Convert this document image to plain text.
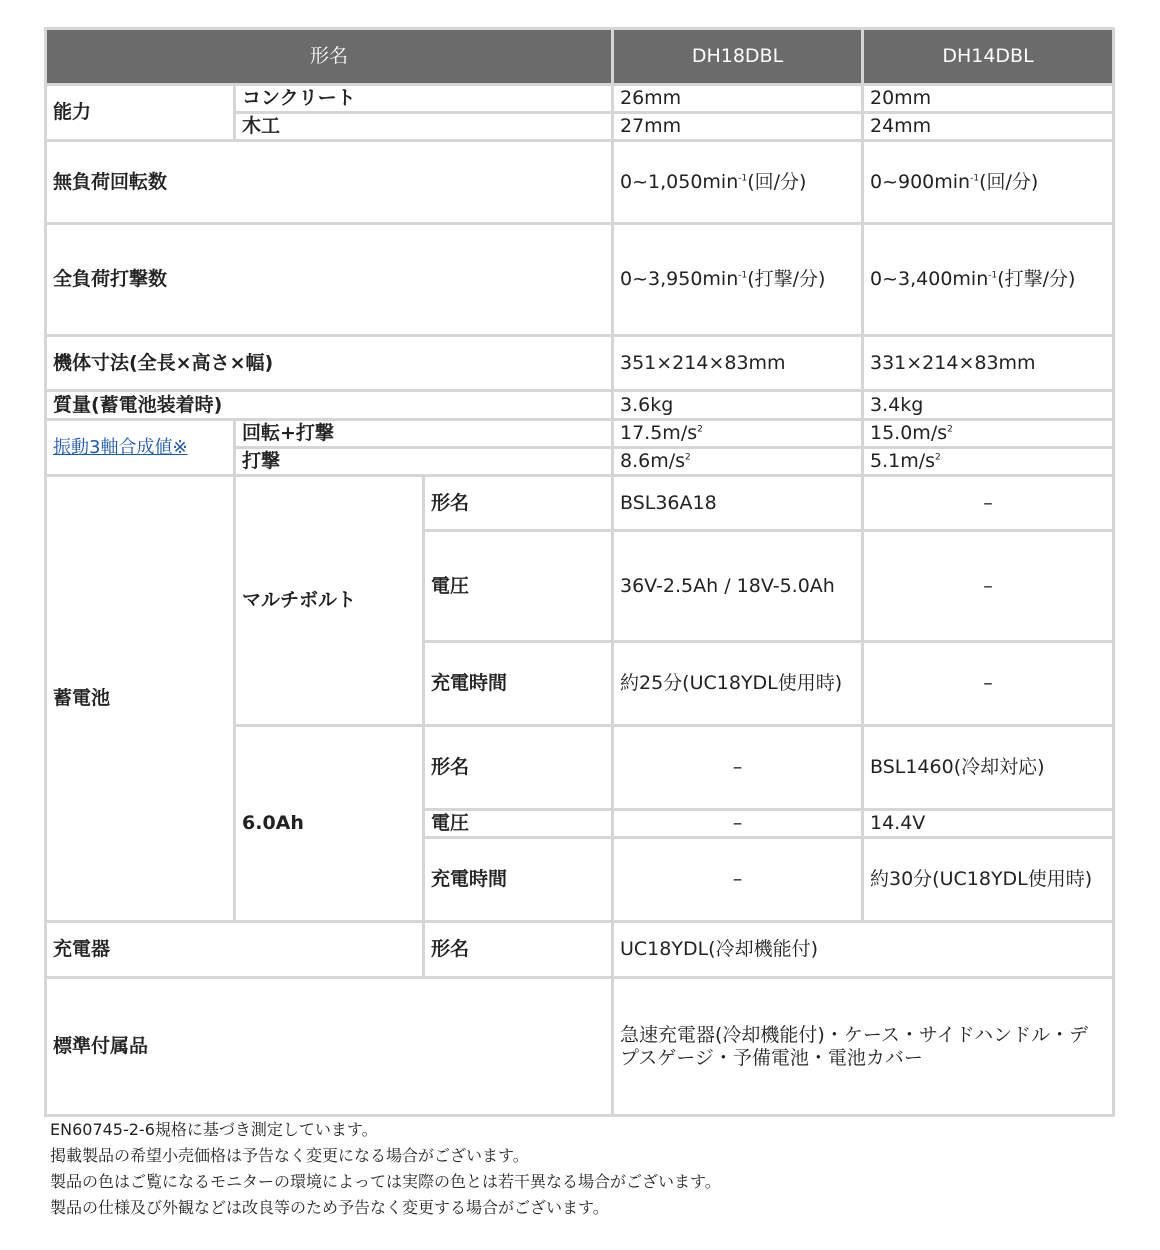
形名			DH18DBL	DH14DBL
能力	コンクリート		26mm	20mm
	木工		27mm	24mm
無負荷回転数			$0\sim 1,050\min^{-1}$(回/分)	$0\sim 900\min^{-1}$(回/分)
全負荷打撃数			$0\sim 3,950\min^{-1}$(打撃/分)	$0\sim 3,400\min^{-1}$(打撃/分)
機体寸法(全長×高さ×幅)			351×214×83mm	331×214×83mm
質量(蓄電池装着時)			3.6kg	3.4kg
振動3軸合成値※	回転+打撃		$17.5m/s^2$	$15.0m/s^2$
	打撃		$8.6m/s^2$	$5.1m/s^2$
蓄電池	マルチボルト	形名	BSL36A18	–
		電圧	36V-2.5Ah / 18V-5.0Ah	–
		充電時間	約25分(UC18YDL使用時)	–
	6.0Ah	形名	–	BSL1460(冷却対応)
		電圧	–	14.4V
		充電時間	–	約30分(UC18YDL使用時)
充電器		形名	UC18YDL(冷却機能付)	
標準付属品			急速充電器(冷却機能付)・ケース・サイドハンドル・デプスゲージ・予備電池・電池カバー	
EN60745-2-6規格に基づき測定しています。
掲載製品の希望小売価格は予告なく変更になる場合がございます。
製品の色はご覧になるモニターの環境によっては実際の色とは若干異なる場合がございます。
製品の仕様及び外観などは改良等のため予告なく変更する場合がございます。
